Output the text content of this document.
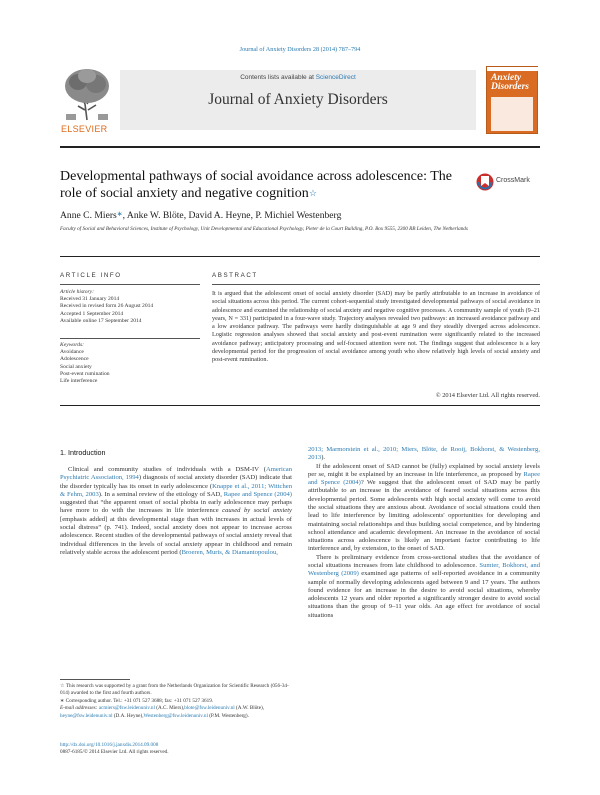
Journal of Anxiety Disorders 28 (2014) 787–794
ELSEVIER
Contents lists available at ScienceDirect
Journal of Anxiety Disorders
Anxiety Disorders
Developmental pathways of social avoidance across adolescence: The role of social anxiety and negative cognition☆
CrossMark
Anne C. Miers∗, Anke W. Blöte, David A. Heyne, P. Michiel Westenberg
Faculty of Social and Behavioral Sciences, Institute of Psychology, Unit Developmental and Educational Psychology, Pieter de la Court Building, P.O. Box 9555, 2300 RB Leiden, The Netherlands
ARTICLE INFO	ABSTRACT
Article history:
Received 31 January 2014
Received in revised form 26 August 2014
Accepted 1 September 2014
Available online 17 September 2014
Keywords:
Avoidance
Adolescence
Social anxiety
Post-event rumination
Life interference
It is argued that the adolescent onset of social anxiety disorder (SAD) may be partly attributable to an increase in avoidance of social situations across this period. The current cohort-sequential study investigated developmental pathways of social avoidance in adolescence and examined the relationship of social anxiety and negative cognitive processes. A community sample of youth (9–21 years, N = 331) participated in a four-wave study. Trajectory analyses revealed two pathways: an increased avoidance pathway and a low avoidance pathway. The pathways were hardly distinguishable at age 9 and they steadily diverged across adolescence. Logistic regression analyses showed that social anxiety and post-event rumination were significantly related to the increased avoidance pathway; anticipatory processing and self-focused attention were not. The findings suggest that adolescence is a key developmental period for the progression of social avoidance among youth who show relatively high levels of social anxiety and post-event rumination.
© 2014 Elsevier Ltd. All rights reserved.
1. Introduction

Clinical and community studies of individuals with a DSM-IV (American Psychiatric Association, 1994) diagnosis of social anxiety disorder (SAD) indicate that the disorder typically has its onset in early adolescence (Knappe et al., 2011; Wittchen & Fehm, 2003). In a seminal review of the etiology of SAD, Rapee and Spence (2004) suggested that “the apparent onset of social phobia in early adolescence may perhaps have more to do with the increases in life interference caused by social anxiety [emphasis added] at this developmental stage than with increases in actual levels of social distress” (p. 741). Indeed, social anxiety does not appear to increase across adolescence. Recent studies of the developmental pathways of social anxiety reveal that individual differences in the levels of social anxiety appear in childhood and remain relatively stable across the adolescent period (Broeren, Muris, & Diamantopoulou,

2013; Marmorstein et al., 2010; Miers, Blöte, de Rooij, Bokhorst, & Westenberg, 2013).

If the adolescent onset of SAD cannot be (fully) explained by social anxiety levels per se, might it be explained by an increase in life interference, as proposed by Rapee and Spence (2004)? We suggest that the adolescent onset of SAD may be partly attributable to an increase in the avoidance of feared social situations across this developmental period. Some adolescents with high social anxiety will come to avoid the social situations they are anxious about. Avoidance of social situations could then lead to life interference by limiting adolescents' opportunities for developing and maintaining social relationships and thus building social competence, and by hindering school attendance and academic development. An increase in the avoidance of social situations across adolescence is likely an important factor contributing to life interference and, by extension, to the onset of SAD.

There is preliminary evidence from cross-sectional studies that the avoidance of social situations increases from late childhood to adolescence. Sumter, Bokhorst, and Westenberg (2009) examined age patterns of self-reported avoidance in a community sample of normally developing adolescents aged between 9 and 17 years. The authors found evidence for an increase in the desire to avoid social situations, whereby adolescents 12 years and older reported a significantly stronger desire to avoid social situations than the group of 9–11 year olds. An age effect for avoidance of social situations

☆ This research was supported by a grant from the Netherlands Organization for Scientific Research (056-34-014) awarded to the first and fourth authors.
∗ Corresponding author. Tel.: +31 071 527 3688; fax: +31 071 527 3619.
E-mail addresses: acmiers@fsw.leidenuniv.nl (A.C. Miers),blote@fsw.leidenuniv.nl (A.W. Blöte), heyne@fsw.leidenuniv.nl (D.A. Heyne),Westenberg@fsw.leidenuniv.nl (P.M. Westenberg).
http://dx.doi.org/10.1016/j.janxdis.2014.09.008
0887-6185/© 2014 Elsevier Ltd. All rights reserved.
